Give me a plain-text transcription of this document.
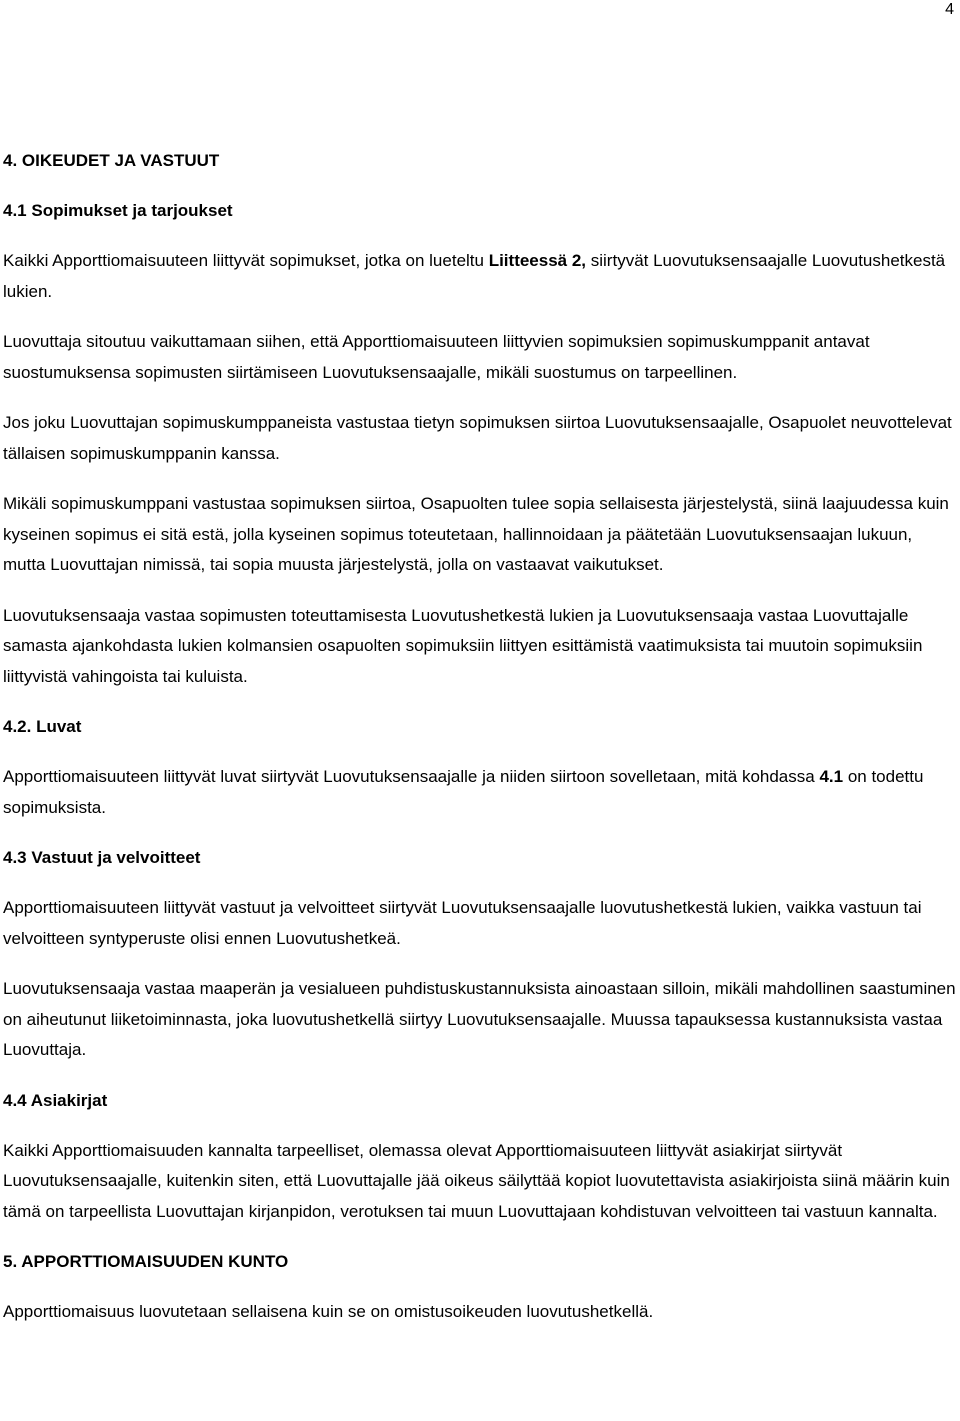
4
4. OIKEUDET JA VASTUUT
4.1 Sopimukset ja tarjoukset
Kaikki Apporttiomaisuuteen liittyvät sopimukset, jotka on lueteltu Liitteessä 2, siirtyvät Luovutuksensaajalle Luovutushetkestä lukien.
Luovuttaja sitoutuu vaikuttamaan siihen, että Apporttiomaisuuteen liittyvien sopimuksien sopimuskumppanit antavat suostumuksensa sopimusten siirtämiseen Luovutuksensaajalle, mikäli suostumus on tarpeellinen.
Jos joku Luovuttajan sopimuskumppaneista vastustaa tietyn sopimuksen siirtoa Luovutuksensaajalle, Osapuolet neuvottelevat tällaisen sopimuskumppanin kanssa.
Mikäli sopimuskumppani vastustaa sopimuksen siirtoa, Osapuolten tulee sopia sellaisesta järjestelystä, siinä laajuudessa kuin kyseinen sopimus ei sitä estä, jolla kyseinen sopimus toteutetaan, hallinnoidaan ja päätetään Luovutuksensaajan lukuun, mutta Luovuttajan nimissä, tai sopia muusta järjestelystä, jolla on vastaavat vaikutukset.
Luovutuksensaaja vastaa sopimusten toteuttamisesta Luovutushetkestä lukien ja Luovutuksensaaja vastaa Luovuttajalle samasta ajankohdasta lukien kolmansien osapuolten sopimuksiin liittyen esittämistä vaatimuksista tai muutoin sopimuksiin liittyvistä vahingoista tai kuluista.
4.2. Luvat
Apporttiomaisuuteen liittyvät luvat siirtyvät Luovutuksensaajalle ja niiden siirtoon sovelletaan, mitä kohdassa 4.1 on todettu sopimuksista.
4.3 Vastuut ja velvoitteet
Apporttiomaisuuteen liittyvät vastuut ja velvoitteet siirtyvät Luovutuksensaajalle luovutushetkestä lukien, vaikka vastuun tai velvoitteen syntyperuste olisi ennen Luovutushetkeä.
Luovutuksensaaja vastaa maaperän ja vesialueen puhdistuskustannuksista ainoastaan silloin, mikäli mahdollinen saastuminen on aiheutunut liiketoiminnasta, joka luovutushetkellä siirtyy Luovutuksensaajalle. Muussa tapauksessa kustannuksista vastaa Luovuttaja.
4.4 Asiakirjat
Kaikki Apporttiomaisuuden kannalta tarpeelliset, olemassa olevat Apporttiomaisuuteen liittyvät asiakirjat siirtyvät Luovutuksensaajalle, kuitenkin siten, että Luovuttajalle jää oikeus säilyttää kopiot luovutettavista asiakirjoista siinä määrin kuin tämä on tarpeellista Luovuttajan kirjanpidon, verotuksen tai muun Luovuttajaan kohdistuvan velvoitteen tai vastuun kannalta.
5. APPORTTIOMAISUUDEN KUNTO
Apporttiomaisuus luovutetaan sellaisena kuin se on omistusoikeuden luovutushetkellä.
